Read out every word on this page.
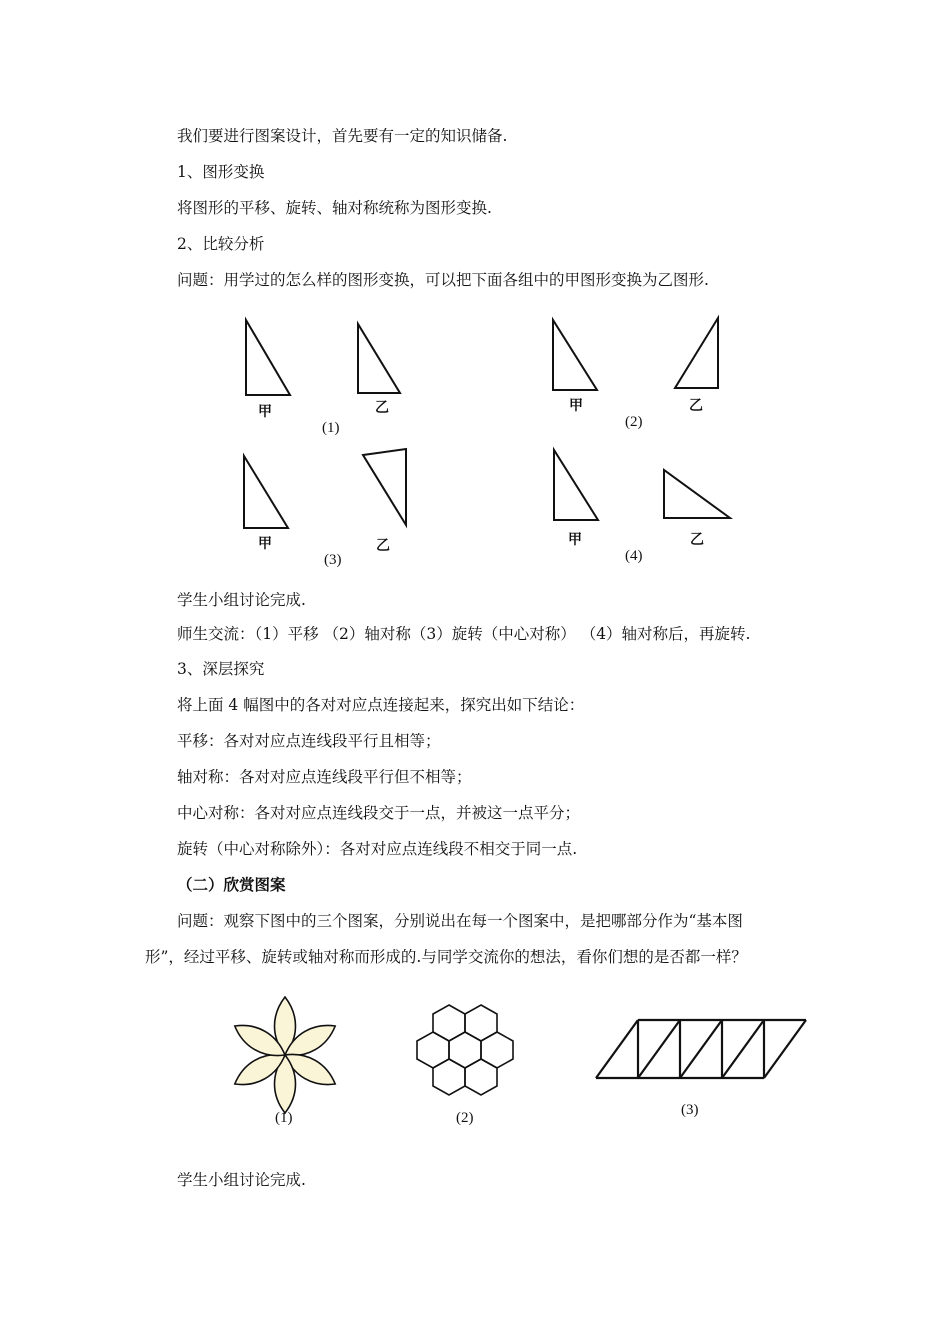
我们要进行图案设计，首先要有一定的知识储备.
1、图形变换
将图形的平移、旋转、轴对称统称为图形变换.
2、比较分析
问题：用学过的怎么样的图形变换，可以把下面各组中的甲图形变换为乙图形.
甲	乙
(1)
甲	乙
(2)
甲	乙
(3)
甲	乙
(4)
学生小组讨论完成.
师生交流：（1）平移 （2）轴对称（3）旋转（中心对称） （4）轴对称后，再旋转.
3、深层探究
将上面 4 幅图中的各对对应点连接起来，探究出如下结论：
平移：各对对应点连线段平行且相等；
轴对称：各对对应点连线段平行但不相等；
中心对称：各对对应点连线段交于一点，并被这一点平分；
旋转（中心对称除外）：各对对应点连线段不相交于同一点.
（二）欣赏图案
问题：观察下图中的三个图案，分别说出在每一个图案中，是把哪部分作为“基本图
形”，经过平移、旋转或轴对称而形成的.与同学交流你的想法，看你们想的是否都一样？
(1)	(2)	(3)
学生小组讨论完成.
